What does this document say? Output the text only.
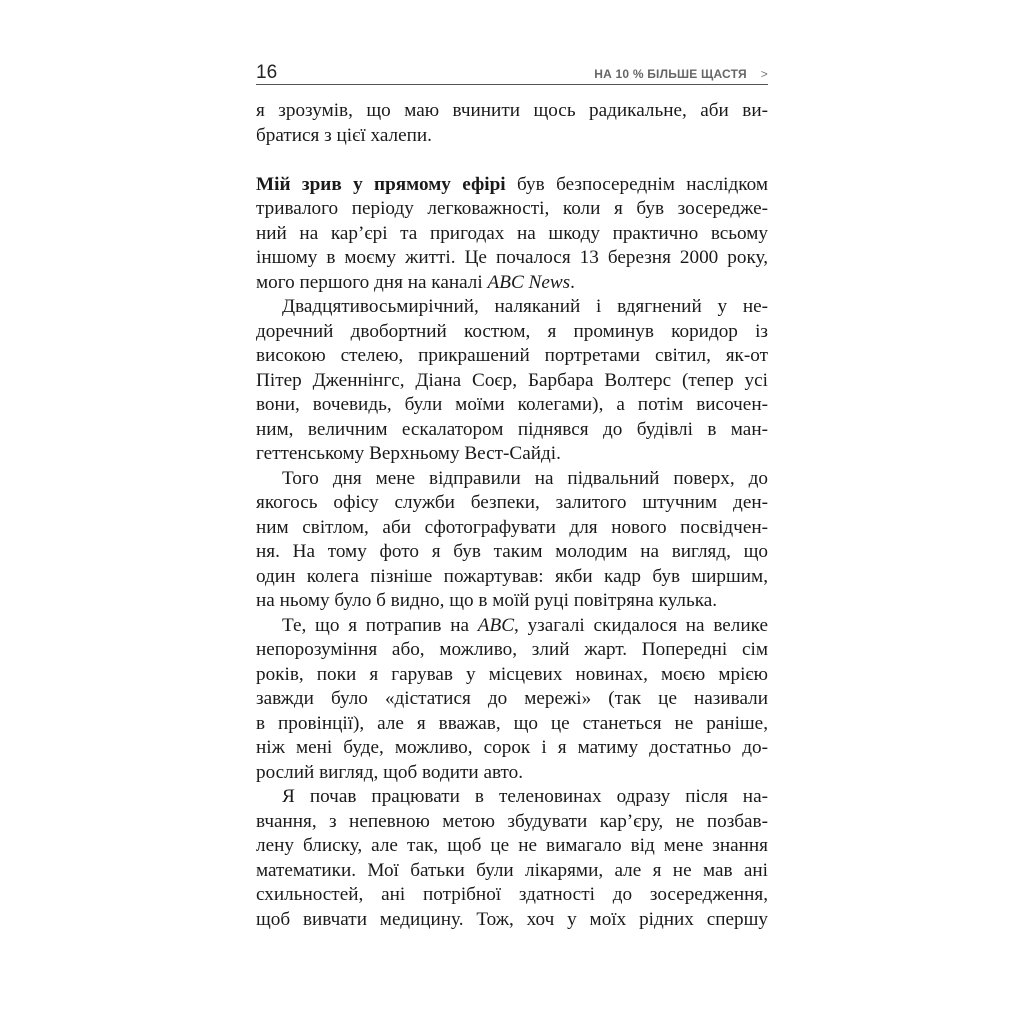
16	НА 10 % БІЛЬШЕ ЩАСТЯ >

я зрозумів, що маю вчинити щось радикальне, аби ви-
братися з цієї халепи.

Мій зрив у прямому ефірі був безпосереднім наслідком
тривалого періоду легковажності, коли я був зосередже-
ний на кар’єрі та пригодах на шкоду практично всьому
іншому в моєму житті. Це почалося 13 березня 2000 року,
мого першого дня на каналі ABC News.

Двадцятивосьмирічний, наляканий і вдягнений у не-
доречний двобортний костюм, я проминув коридор із
високою стелею, прикрашений портретами світил, як-от
Пітер Дженнінгс, Діана Соєр, Барбара Волтерс (тепер усі
вони, вочевидь, були моїми колегами), а потім височен-
ним, величним ескалатором піднявся до будівлі в ман-
геттенському Верхньому Вест-Сайді.

Того дня мене відправили на підвальний поверх, до
якогось офісу служби безпеки, залитого штучним ден-
ним світлом, аби сфотографувати для нового посвідчен-
ня. На тому фото я був таким молодим на вигляд, що
один колега пізніше пожартував: якби кадр був ширшим,
на ньому було б видно, що в моїй руці повітряна кулька.

Те, що я потрапив на ABC, узагалі скидалося на велике
непорозуміння або, можливо, злий жарт. Попередні сім
років, поки я гарував у місцевих новинах, моєю мрією
завжди було «дістатися до мережі» (так це називали
в провінції), але я вважав, що це станеться не раніше,
ніж мені буде, можливо, сорок і я матиму достатньо до-
рослий вигляд, щоб водити авто.

Я почав працювати в теленовинах одразу після на-
вчання, з непевною метою збудувати кар’єру, не позбав-
лену блиску, але так, щоб це не вимагало від мене знання
математики. Мої батьки були лікарями, але я не мав ані
схильностей, ані потрібної здатності до зосередження,
щоб вивчати медицину. Тож, хоч у моїх рідних спершу
